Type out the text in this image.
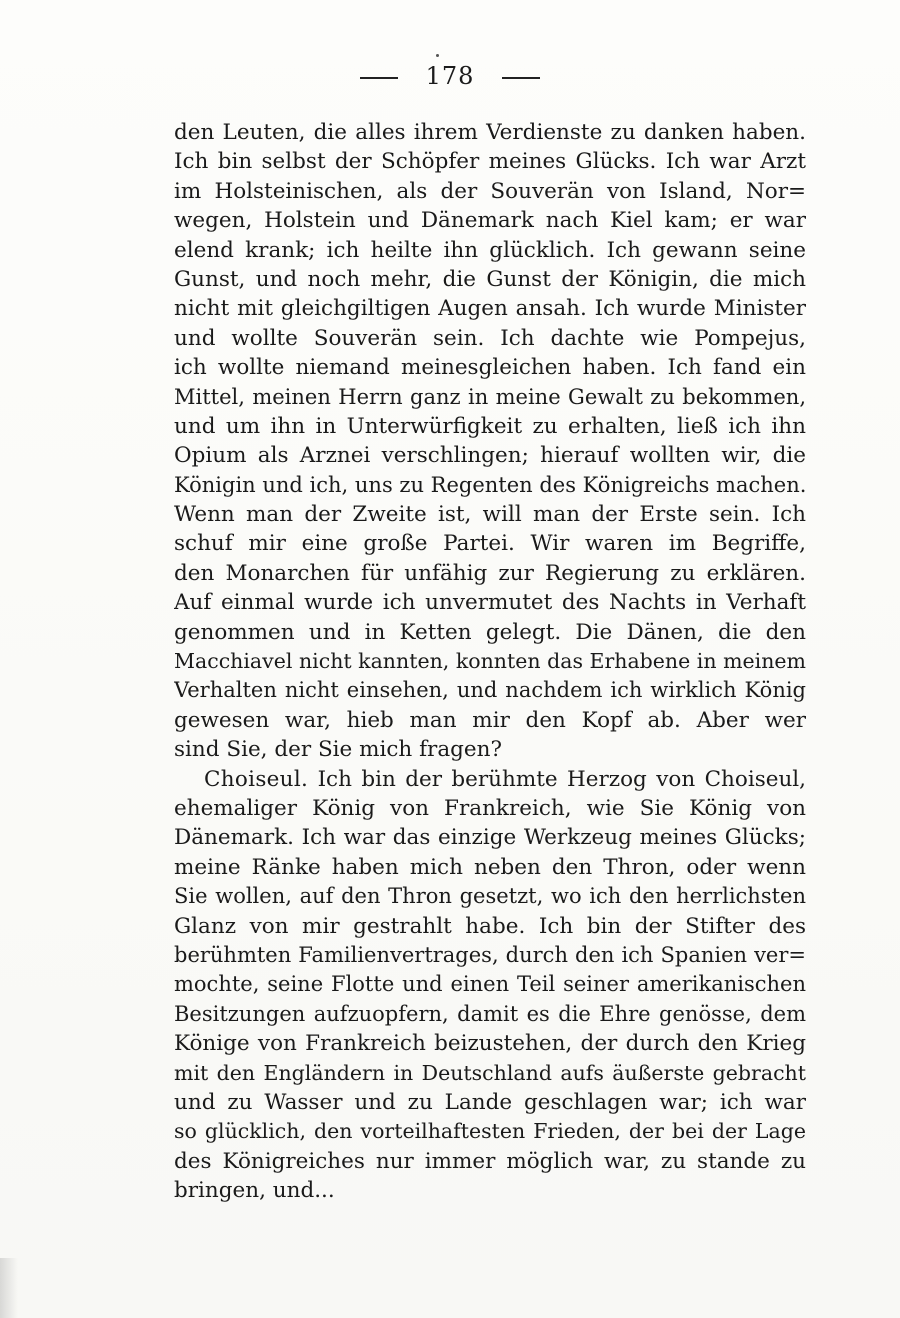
178
den Leuten, die alles ihrem Verdienste zu danken haben.
Ich bin selbst der Schöpfer meines Glücks. Ich war Arzt
im Holsteinischen, als der Souverän von Island, Nor=
wegen, Holstein und Dänemark nach Kiel kam; er war
elend krank; ich heilte ihn glücklich. Ich gewann seine
Gunst, und noch mehr, die Gunst der Königin, die mich
nicht mit gleichgiltigen Augen ansah. Ich wurde Minister
und wollte Souverän sein. Ich dachte wie Pompejus,
ich wollte niemand meinesgleichen haben. Ich fand ein
Mittel, meinen Herrn ganz in meine Gewalt zu bekommen,
und um ihn in Unterwürfigkeit zu erhalten, ließ ich ihn
Opium als Arznei verschlingen; hierauf wollten wir, die
Königin und ich, uns zu Regenten des Königreichs machen.
Wenn man der Zweite ist, will man der Erste sein. Ich
schuf mir eine große Partei. Wir waren im Begriffe,
den Monarchen für unfähig zur Regierung zu erklären.
Auf einmal wurde ich unvermutet des Nachts in Verhaft
genommen und in Ketten gelegt. Die Dänen, die den
Macchiavel nicht kannten, konnten das Erhabene in meinem
Verhalten nicht einsehen, und nachdem ich wirklich König
gewesen war, hieb man mir den Kopf ab. Aber wer
sind Sie, der Sie mich fragen?
Choiseul. Ich bin der berühmte Herzog von Choiseul,
ehemaliger König von Frankreich, wie Sie König von
Dänemark. Ich war das einzige Werkzeug meines Glücks;
meine Ränke haben mich neben den Thron, oder wenn
Sie wollen, auf den Thron gesetzt, wo ich den herrlichsten
Glanz von mir gestrahlt habe. Ich bin der Stifter des
berühmten Familienvertrages, durch den ich Spanien ver=
mochte, seine Flotte und einen Teil seiner amerikanischen
Besitzungen aufzuopfern, damit es die Ehre genösse, dem
Könige von Frankreich beizustehen, der durch den Krieg
mit den Engländern in Deutschland aufs äußerste gebracht
und zu Wasser und zu Lande geschlagen war; ich war
so glücklich, den vorteilhaftesten Frieden, der bei der Lage
des Königreiches nur immer möglich war, zu stande zu
bringen, und...
